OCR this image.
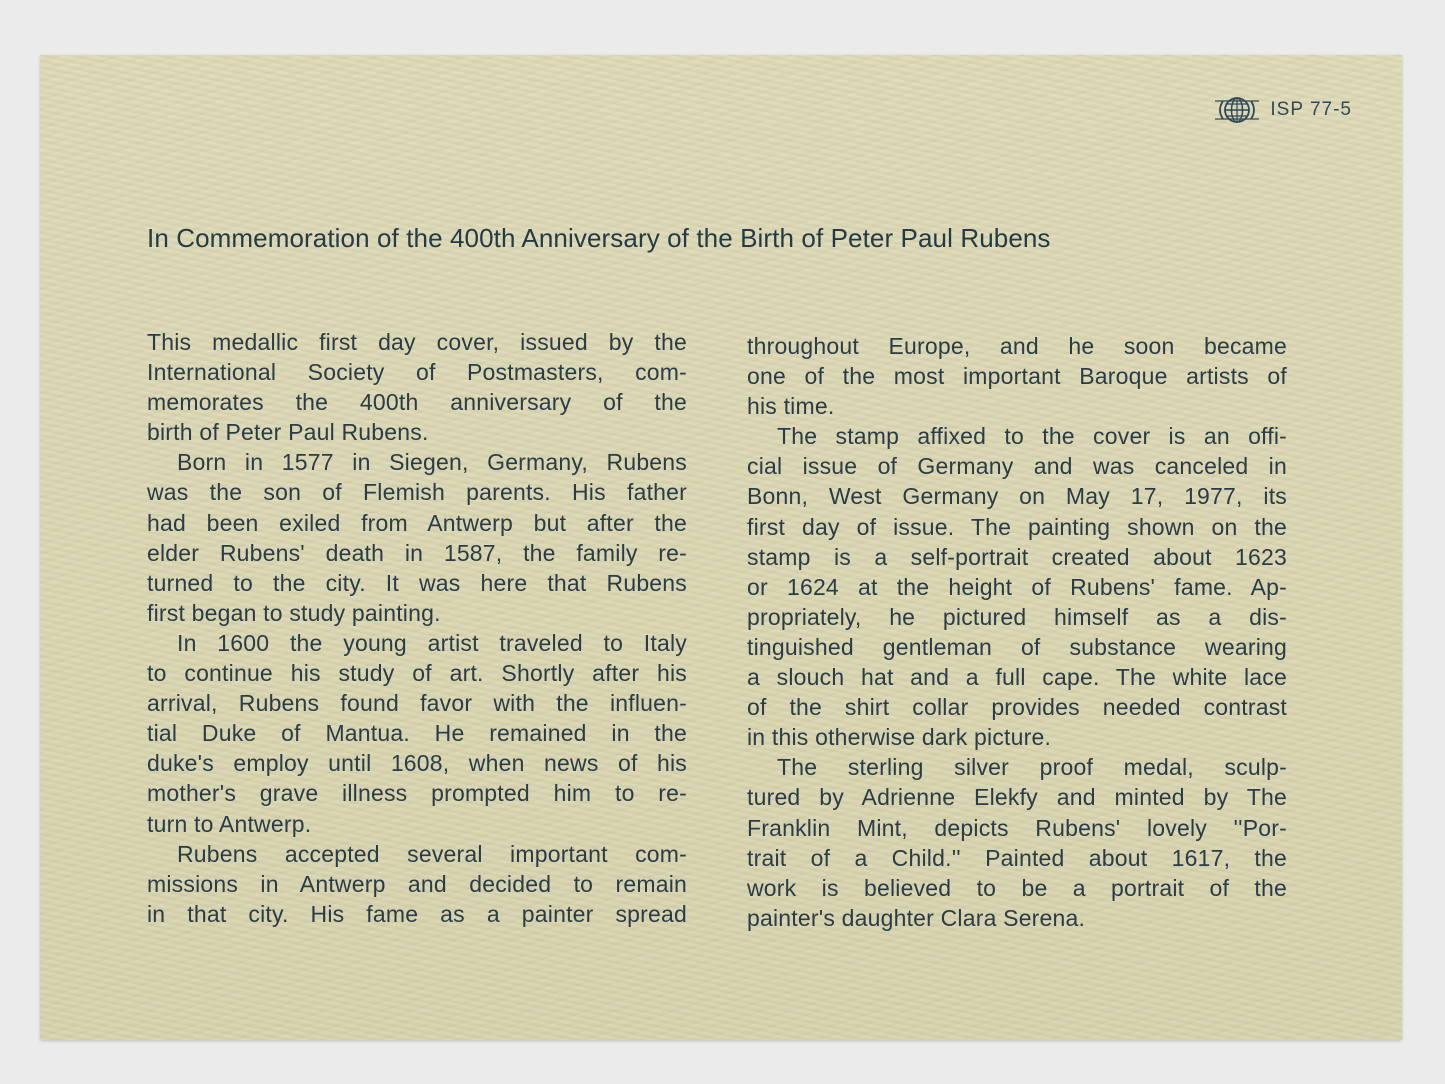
ISP 77-5
In Commemoration of the 400th Anniversary of the Birth of Peter Paul Rubens
This medallic first day cover, issued by the
International Society of Postmasters, com-
memorates the 400th anniversary of the
birth of Peter Paul Rubens.
Born in 1577 in Siegen, Germany, Rubens
was the son of Flemish parents. His father
had been exiled from Antwerp but after the
elder Rubens' death in 1587, the family re-
turned to the city. It was here that Rubens
first began to study painting.
In 1600 the young artist traveled to Italy
to continue his study of art. Shortly after his
arrival, Rubens found favor with the influen-
tial Duke of Mantua. He remained in the
duke's employ until 1608, when news of his
mother's grave illness prompted him to re-
turn to Antwerp.
Rubens accepted several important com-
missions in Antwerp and decided to remain
in that city. His fame as a painter spread
throughout Europe, and he soon became
one of the most important Baroque artists of
his time.
The stamp affixed to the cover is an offi-
cial issue of Germany and was canceled in
Bonn, West Germany on May 17, 1977, its
first day of issue. The painting shown on the
stamp is a self-portrait created about 1623
or 1624 at the height of Rubens' fame. Ap-
propriately, he pictured himself as a dis-
tinguished gentleman of substance wearing
a slouch hat and a full cape. The white lace
of the shirt collar provides needed contrast
in this otherwise dark picture.
The sterling silver proof medal, sculp-
tured by Adrienne Elekfy and minted by The
Franklin Mint, depicts Rubens' lovely ''Por-
trait of a Child.'' Painted about 1617, the
work is believed to be a portrait of the
painter's daughter Clara Serena.
